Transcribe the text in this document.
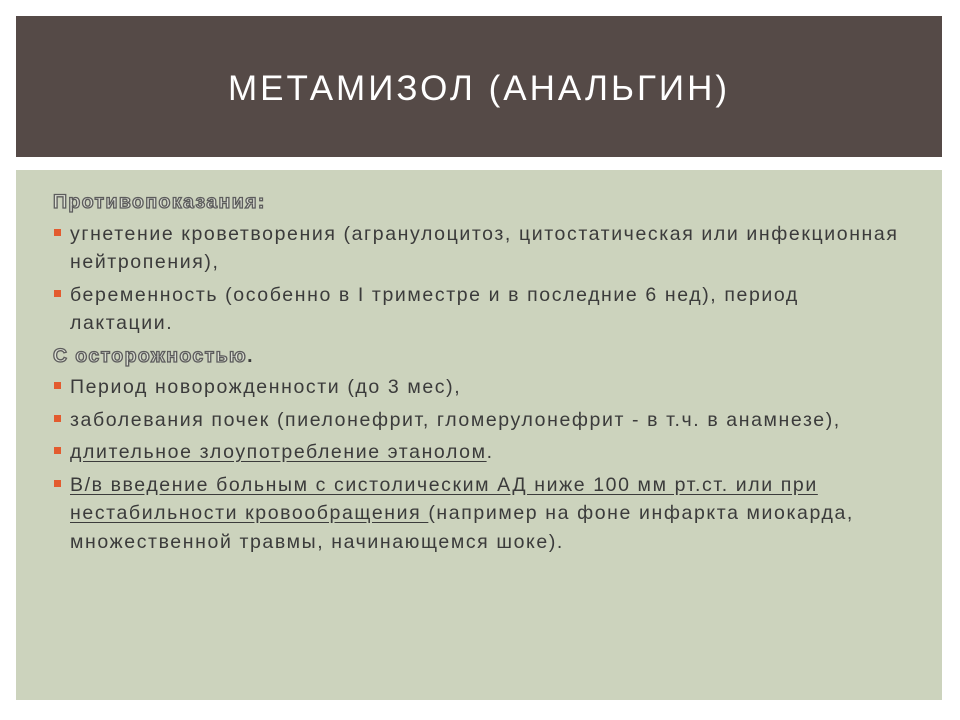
МЕТАМИЗОЛ (АНАЛЬГИН)

Противопоказания:

угнетение кроветворения (агранулоцитоз, цитостатическая или инфекционная нейтропения),
беременность (особенно в I триместре и в последние 6 нед), период лактации.

С осторожностью.

Период новорожденности (до 3 мес),
заболевания почек (пиелонефрит, гломерулонефрит - в т.ч. в анамнезе),
длительное злоупотребление этанолом.
В/в введение больным с систолическим АД ниже 100 мм рт.ст. или при нестабильности кровообращения (например на фоне инфаркта миокарда, множественной травмы, начинающемся шоке).
